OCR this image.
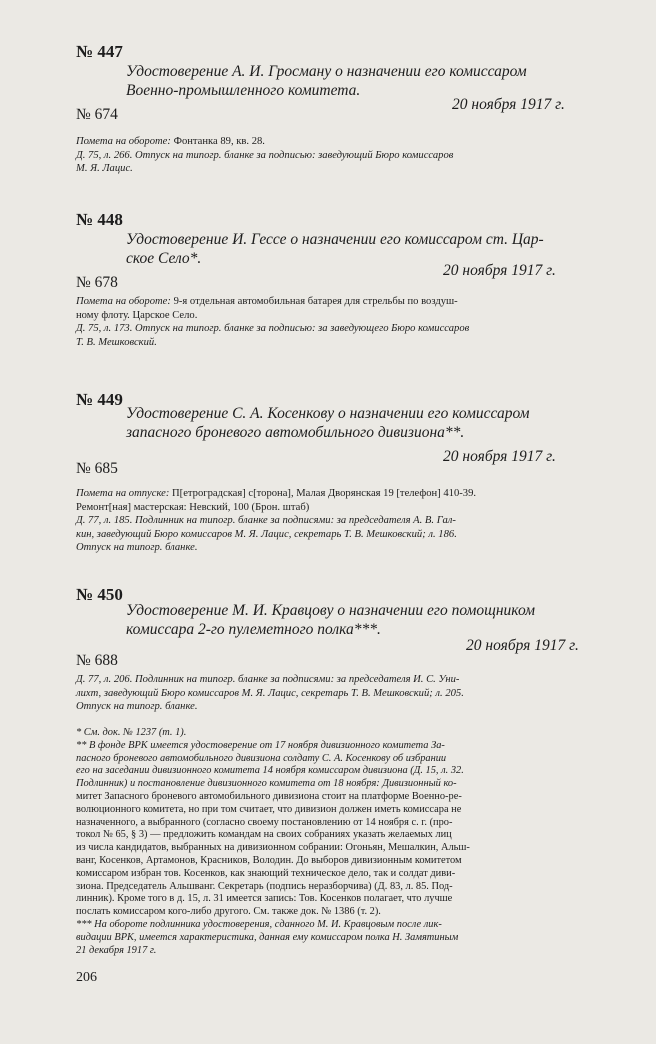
№ 447
Удостоверение А. И. Гросману о назначении его комиссаром
Военно-промышленного комитета.
20 ноября 1917 г.
№ 674
Помета на обороте: Фонтанка 89, кв. 28.
Д. 75, л. 266. Отпуск на типогр. бланке за подписью: заведующий Бюро комиссаров
М. Я. Лацис.
№ 448
Удостоверение И. Гессе о назначении его комиссаром ст. Цар-
ское Село*.
20 ноября 1917 г.
№ 678
Помета на обороте: 9-я отдельная автомобильная батарея для стрельбы по воздуш-
ному флоту. Царское Село.
Д. 75, л. 173. Отпуск на типогр. бланке за подписью: за заведующего Бюро комиссаров
Т. В. Мешковский.
№ 449
Удостоверение С. А. Косенкову о назначении его комиссаром
запасного броневого автомобильного дивизиона**.
20 ноября 1917 г.
№ 685
Помета на отпуске: П[етроградская] с[торона], Малая Дворянская 19 [телефон] 410-39.
Ремонт[ная] мастерская: Невский, 100 (Брон. штаб)
Д. 77, л. 185. Подлинник на типогр. бланке за подписями: за председателя А. В. Гал-
кин, заведующий Бюро комиссаров М. Я. Лацис, секретарь Т. В. Мешковский; л. 186.
Отпуск на типогр. бланке.
№ 450
Удостоверение М. И. Кравцову о назначении его помощником
комиссара 2-го пулеметного полка***.
20 ноября 1917 г.
№ 688
Д. 77, л. 206. Подлинник на типогр. бланке за подписями: за председателя И. С. Уни-
лихт, заведующий Бюро комиссаров М. Я. Лацис, секретарь Т. В. Мешковский; л. 205.
Отпуск на типогр. бланке.
* См. док. № 1237 (т. 1).
** В фонде ВРК имеется удостоверение от 17 ноября дивизионного комитета За-
пасного броневого автомобильного дивизиона солдату С. А. Косенкову об избрании
его на заседании дивизионного комитета 14 ноября комиссаром дивизиона (Д. 15, л. 32.
Подлинник) и постановление дивизионного комитета от 18 ноября: Дивизионный ко-
митет Запасного броневого автомобильного дивизиона стоит на платформе Военно-ре-
волюционного комитета, но при том считает, что дивизион должен иметь комиссара не
назначенного, а выбранного (согласно своему постановлению от 14 ноября с. г. (про-
токол № 65, § 3) — предложить командам на своих собраниях указать желаемых лиц
из числа кандидатов, выбранных на дивизионном собрании: Огоньян, Мешалкин, Альш-
ванг, Косенков, Артамонов, Красников, Володин. До выборов дивизионным комитетом
комиссаром избран тов. Косенков, как знающий техническое дело, так и солдат диви-
зиона. Председатель Альшванг. Секретарь (подпись неразборчива) (Д. 83, л. 85. Под-
линник). Кроме того в д. 15, л. 31 имеется запись: Тов. Косенков полагает, что лучше
послать комиссаром кого-либо другого. См. также док. № 1386 (т. 2).
*** На обороте подлинника удостоверения, сданного М. И. Кравцовым после лик-
видации ВРК, имеется характеристика, данная ему комиссаром полка Н. Замятиным
21 декабря 1917 г.
206
